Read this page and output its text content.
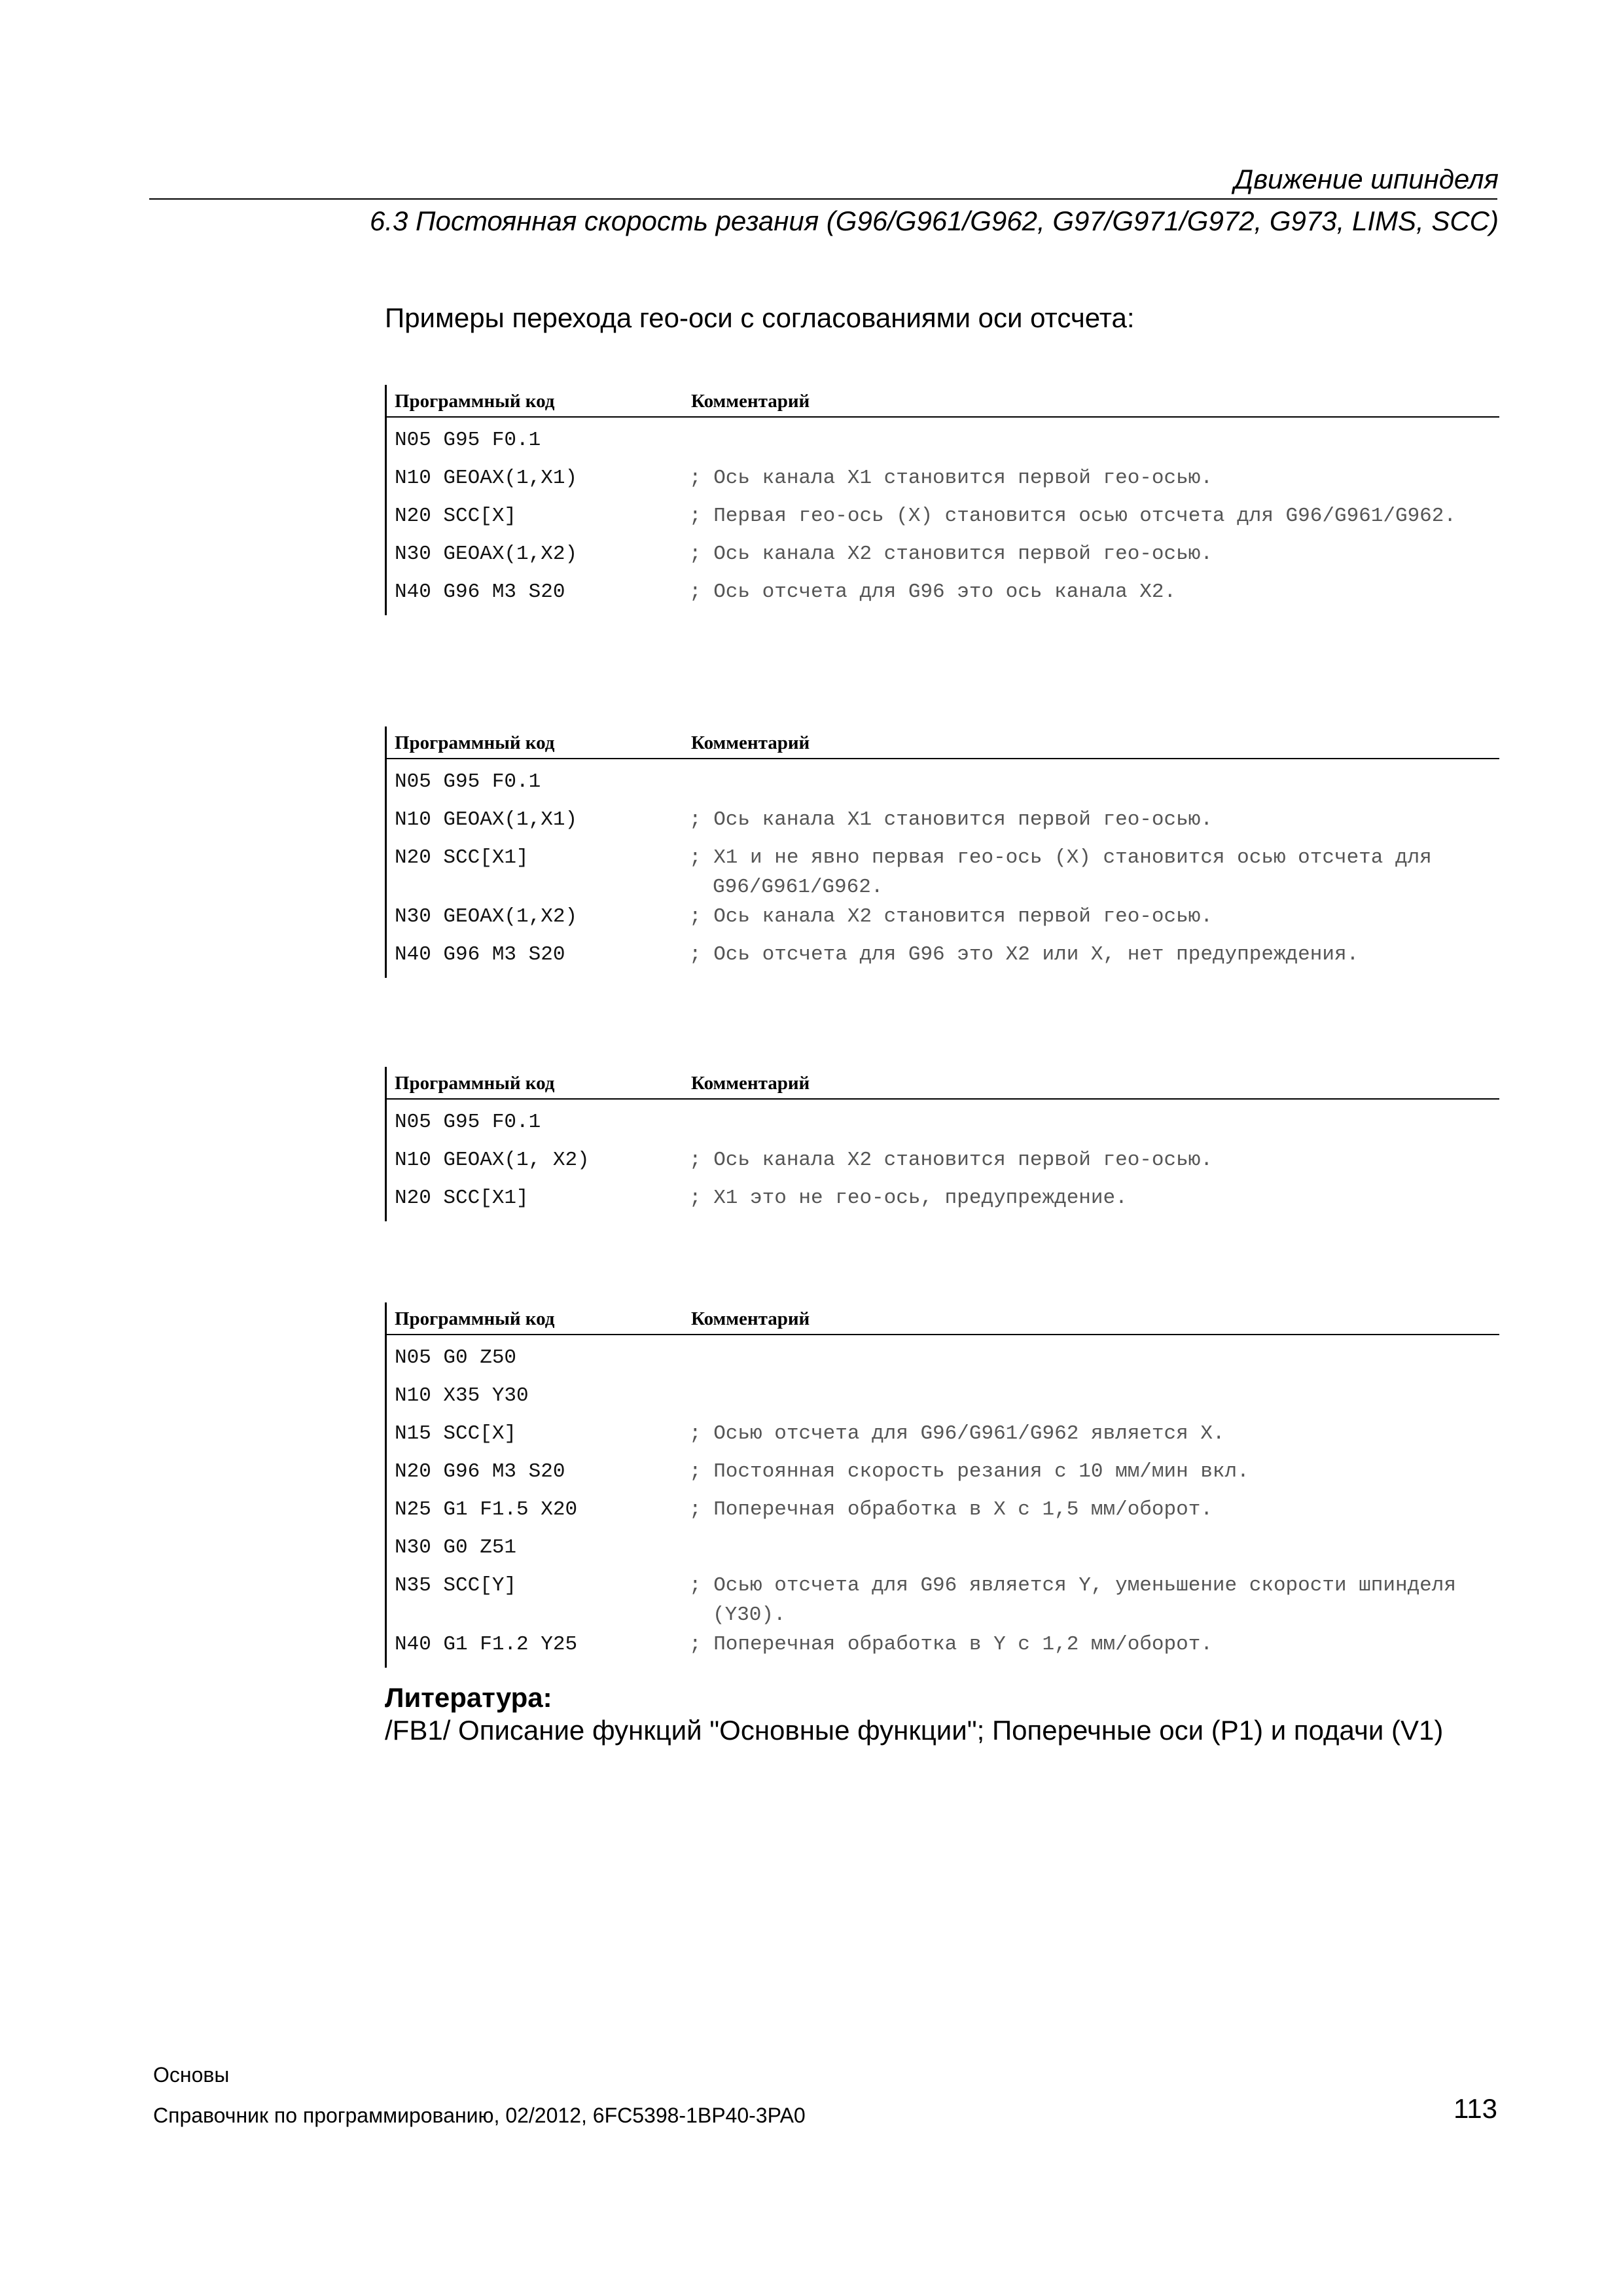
Движение шпинделя
6.3 Постоянная скорость резания (G96/G961/G962, G97/G971/G972, G973, LIMS, SCC)
Примеры перехода гео-оси с согласованиями оси отсчета:
Программный код	Комментарий
N05 G95 F0.1
N10 GEOAX(1,X1)	; Ось канала X1 становится первой гео-осью.
N20 SCC[X]	; Первая гео-ось (X) становится осью отсчета для G96/G961/G962.
N30 GEOAX(1,X2)	; Ось канала X2 становится первой гео-осью.
N40 G96 M3 S20	; Ось отсчета для G96 это ось канала X2.
Программный код	Комментарий
N05 G95 F0.1
N10 GEOAX(1,X1)	; Ось канала X1 становится первой гео-осью.
N20 SCC[X1]	; X1 и не явно первая гео-ось (X) становится осью отсчета для G96/G961/G962.
N30 GEOAX(1,X2)	; Ось канала X2 становится первой гео-осью.
N40 G96 M3 S20	; Ось отсчета для G96 это X2 или X, нет предупреждения.
Программный код	Комментарий
N05 G95 F0.1
N10 GEOAX(1, X2)	; Ось канала X2 становится первой гео-осью.
N20 SCC[X1]	; X1 это не гео-ось, предупреждение.
Программный код	Комментарий
N05 G0 Z50
N10 X35 Y30
N15 SCC[X]	; Осью отсчета для G96/G961/G962 является X.
N20 G96 M3 S20	; Постоянная скорость резания с 10 мм/мин вкл.
N25 G1 F1.5 X20	; Поперечная обработка в X с 1,5 мм/оборот.
N30 G0 Z51
N35 SCC[Y]	; Осью отсчета для G96 является Y, уменьшение скорости шпинделя (Y30).
N40 G1 F1.2 Y25	; Поперечная обработка в Y с 1,2 мм/оборот.
Литература:
/FB1/ Описание функций "Основные функции"; Поперечные оси (P1) и подачи (V1)
Основы
Справочник по программированию, 02/2012, 6FC5398-1BP40-3PA0	113
